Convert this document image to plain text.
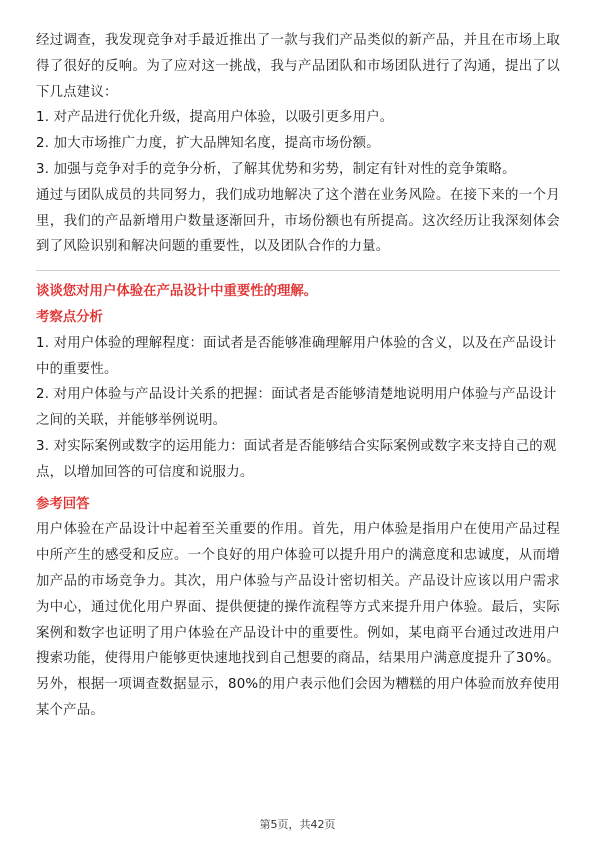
经过调查，我发现竞争对手最近推出了一款与我们产品类似的新产品，并且在市场上取得了很好的反响。为了应对这一挑战，我与产品团队和市场团队进行了沟通，提出了以下几点建议：

1. 对产品进行优化升级，提高用户体验，以吸引更多用户。

2. 加大市场推广力度，扩大品牌知名度，提高市场份额。

3. 加强与竞争对手的竞争分析，了解其优势和劣势，制定有针对性的竞争策略。

通过与团队成员的共同努力，我们成功地解决了这个潜在业务风险。在接下来的一个月里，我们的产品新增用户数量逐渐回升，市场份额也有所提高。这次经历让我深刻体会到了风险识别和解决问题的重要性，以及团队合作的力量。

谈谈您对用户体验在产品设计中重要性的理解。

考察点分析

1. 对用户体验的理解程度：面试者是否能够准确理解用户体验的含义，以及在产品设计中的重要性。

2. 对用户体验与产品设计关系的把握：面试者是否能够清楚地说明用户体验与产品设计之间的关联，并能够举例说明。

3. 对实际案例或数字的运用能力：面试者是否能够结合实际案例或数字来支持自己的观点，以增加回答的可信度和说服力。

参考回答

用户体验在产品设计中起着至关重要的作用。首先，用户体验是指用户在使用产品过程中所产生的感受和反应。一个良好的用户体验可以提升用户的满意度和忠诚度，从而增加产品的市场竞争力。其次，用户体验与产品设计密切相关。产品设计应该以用户需求为中心，通过优化用户界面、提供便捷的操作流程等方式来提升用户体验。最后，实际案例和数字也证明了用户体验在产品设计中的重要性。例如，某电商平台通过改进用户搜索功能，使得用户能够更快速地找到自己想要的商品，结果用户满意度提升了30%。另外，根据一项调查数据显示，80%的用户表示他们会因为糟糕的用户体验而放弃使用某个产品。

第5页，共42页
